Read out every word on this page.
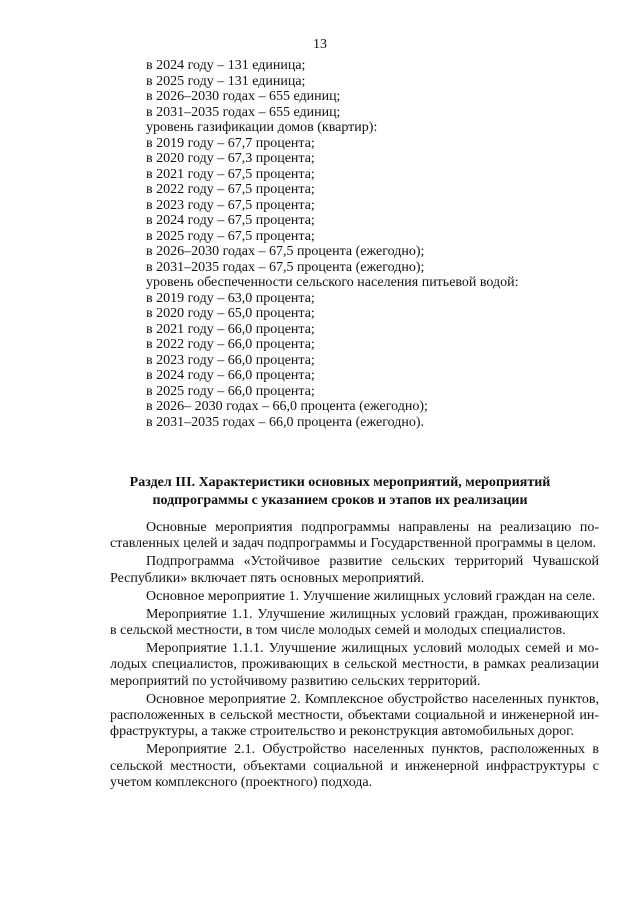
13
в 2024 году – 131 единица;
в 2025 году – 131 единица;
в 2026–2030 годах – 655 единиц;
в 2031–2035 годах – 655 единиц;
уровень газификации домов (квартир):
в 2019 году – 67,7 процента;
в 2020 году – 67,3 процента;
в 2021 году – 67,5 процента;
в 2022 году – 67,5 процента;
в 2023 году – 67,5 процента;
в 2024 году – 67,5 процента;
в 2025 году – 67,5 процента;
в 2026–2030 годах – 67,5 процента (ежегодно);
в 2031–2035 годах – 67,5 процента (ежегодно);
уровень обеспеченности сельского населения питьевой водой:
в 2019 году – 63,0 процента;
в 2020 году – 65,0 процента;
в 2021 году – 66,0 процента;
в 2022 году – 66,0 процента;
в 2023 году – 66,0 процента;
в 2024 году – 66,0 процента;
в 2025 году – 66,0 процента;
в 2026– 2030 годах – 66,0 процента (ежегодно);
в 2031–2035 годах – 66,0 процента (ежегодно).
Раздел III. Характеристики основных мероприятий, мероприятий подпрограммы с указанием сроков и этапов их реализации

Основные мероприятия подпрограммы направлены на реализацию поставленных целей и задач подпрограммы и Государственной программы в целом.

Подпрограмма «Устойчивое развитие сельских территорий Чувашской Республики» включает пять основных мероприятий.

Основное мероприятие 1. Улучшение жилищных условий граждан на селе.

Мероприятие 1.1. Улучшение жилищных условий граждан, проживающих в сельской местности, в том числе молодых семей и молодых специалистов.

Мероприятие 1.1.1. Улучшение жилищных условий молодых семей и молодых специалистов, проживающих в сельской местности, в рамках реализации мероприятий по устойчивому развитию сельских территорий.

Основное мероприятие 2. Комплексное обустройство населенных пунктов, расположенных в сельской местности, объектами социальной и инженерной инфраструктуры, а также строительство и реконструкция автомобильных дорог.

Мероприятие 2.1. Обустройство населенных пунктов, расположенных в сельской местности, объектами социальной и инженерной инфраструктуры с учетом комплексного (проектного) подхода.
